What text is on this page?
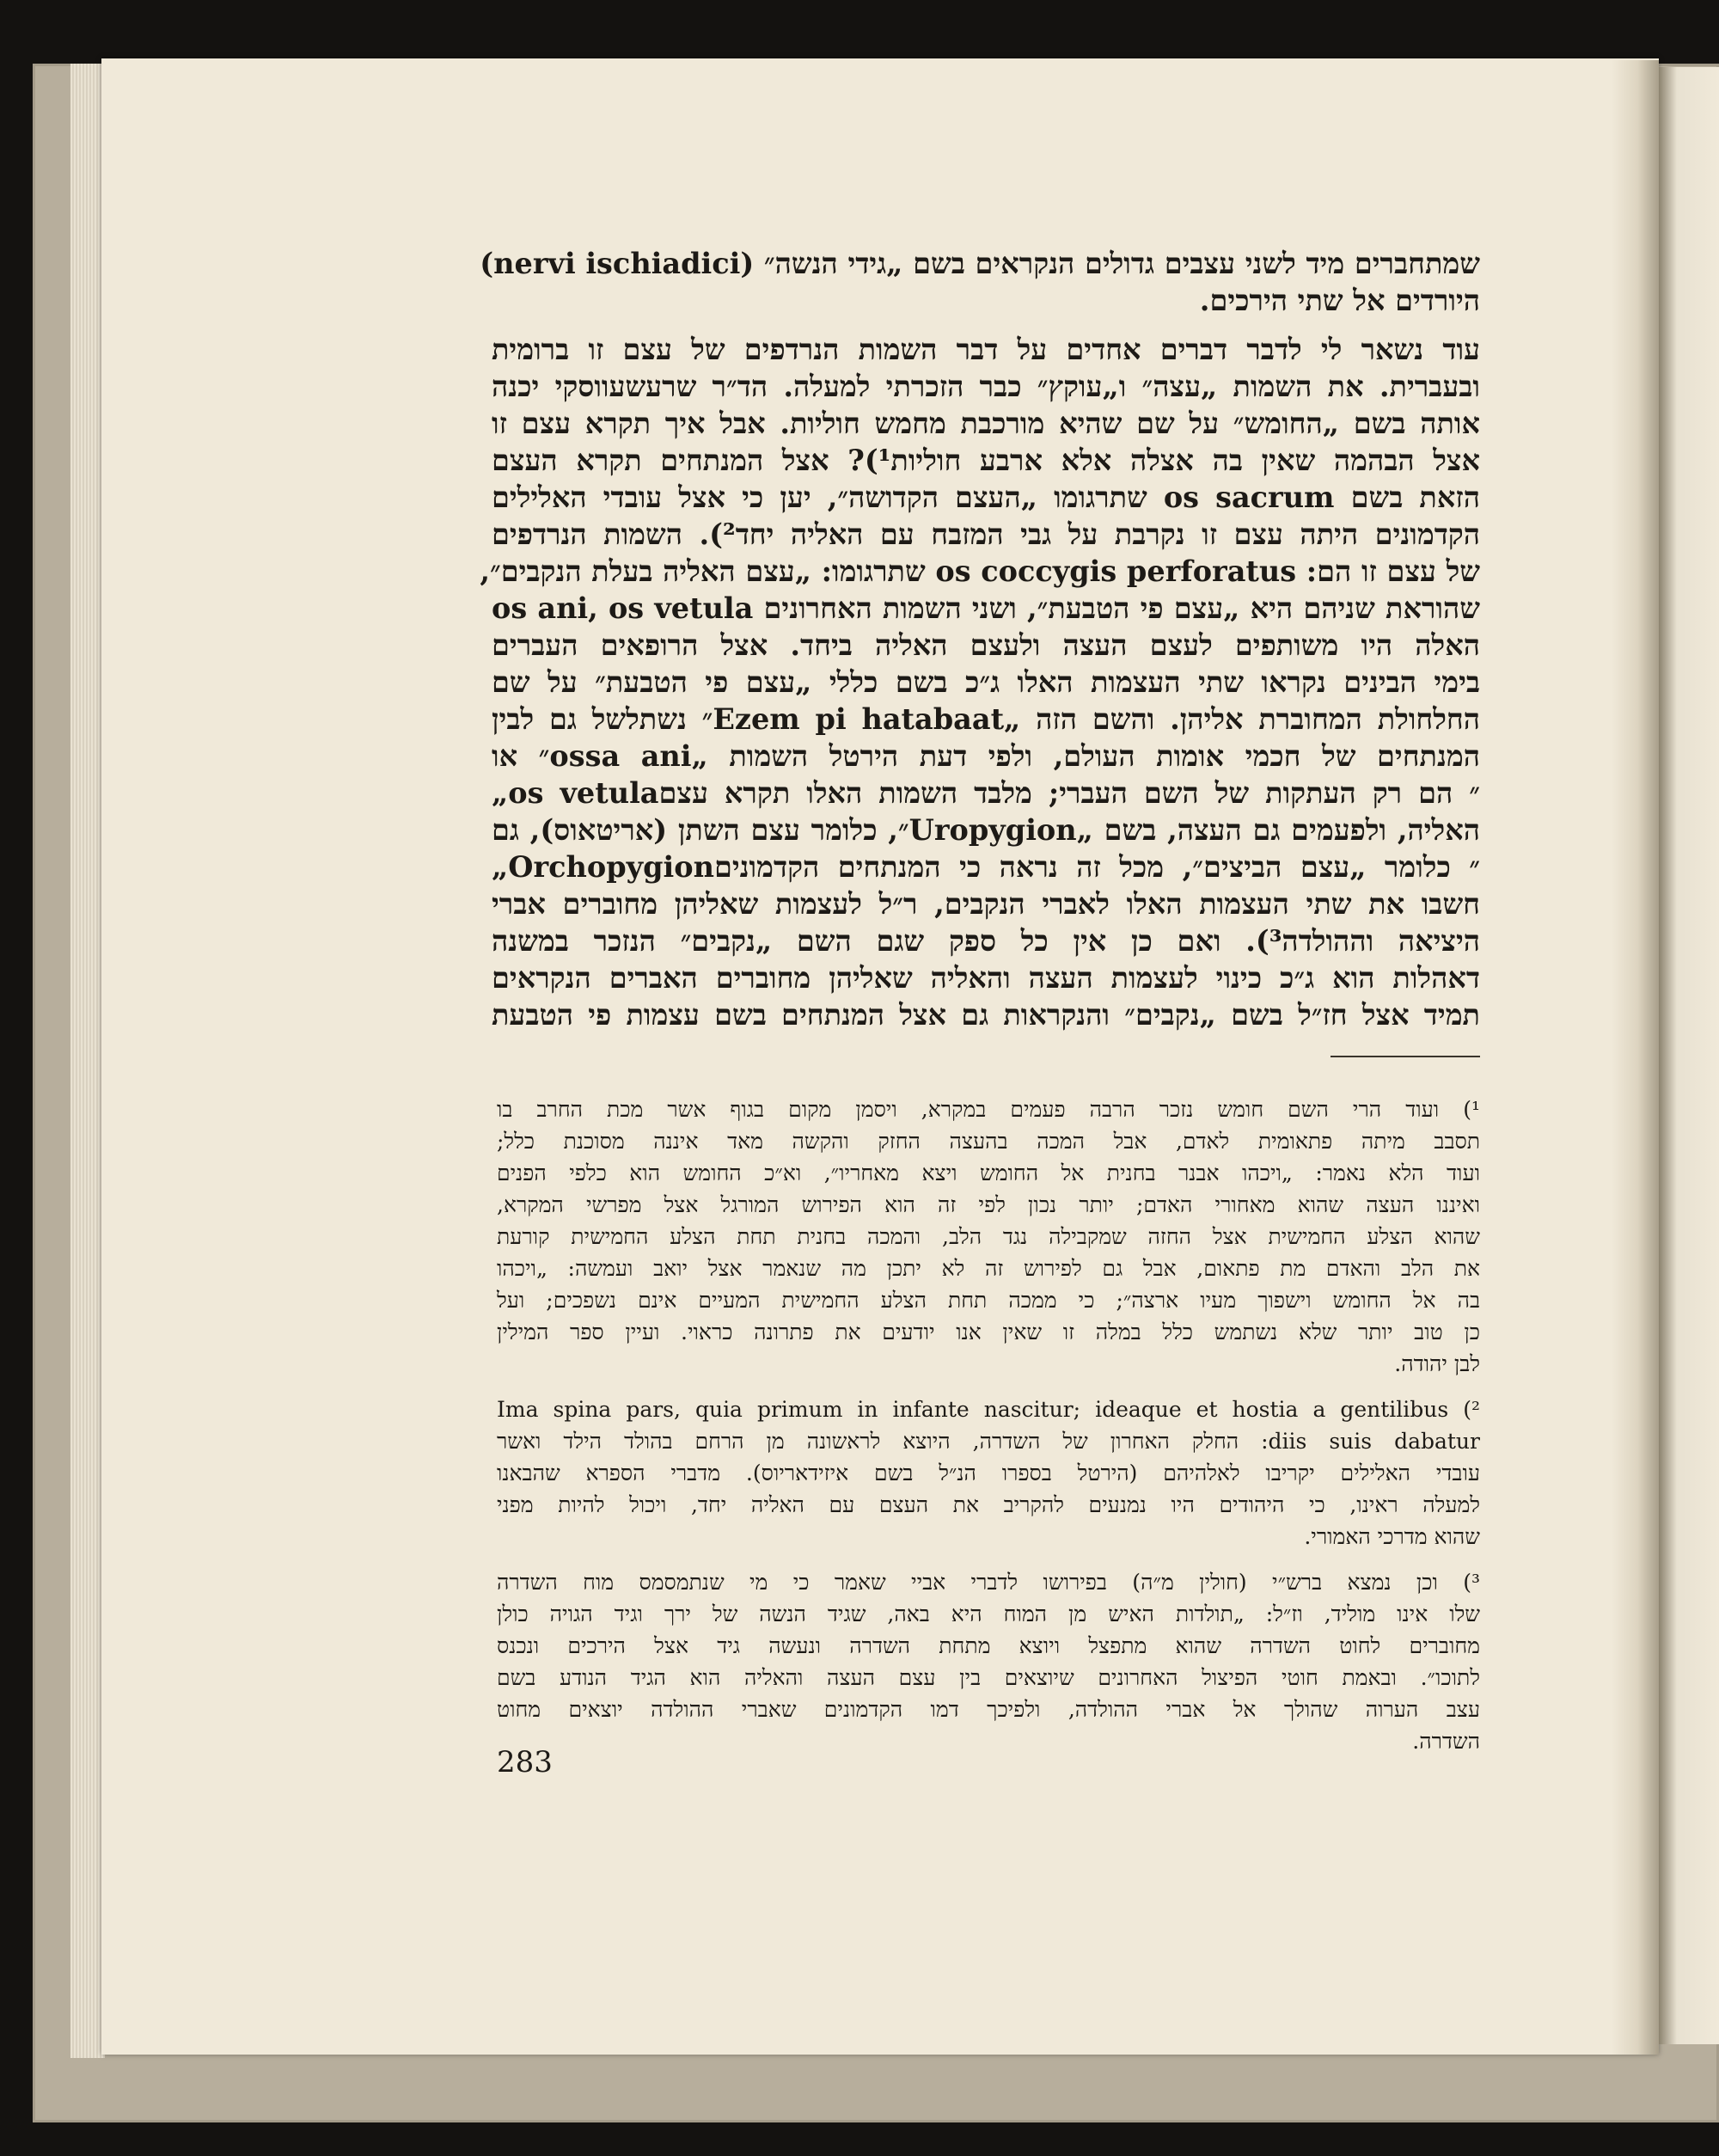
שמתחברים מיד לשני עצבים גדולים הנקראים בשם „גידי הנשה״ (nervi ischiadici)
היורדים אל שתי הירכים.
עוד נשאר לי לדבר דברים אחדים על דבר השמות הנרדפים של עצם זו ברומית
ובעברית. את השמות „עצה״ ו„עוקץ״ כבר הזכרתי למעלה. הד״ר שרעשעווסקי יכנה
אותה בשם „החומש״ על שם שהיא מורכבת מחמש חוליות. אבל איך תקרא עצם זו
אצל הבהמה שאין בה אצלה אלא ארבע חוליות¹)? אצל המנתחים תקרא העצם
הזאת בשם os sacrum שתרגומו „העצם הקדושה״, יען כי אצל עובדי האלילים
הקדמונים היתה עצם זו נקרבת על גבי המזבח עם האליה יחד²). השמות הנרדפים
של עצם זו הם: os coccygis perforatus שתרגומו: „עצם האליה בעלת הנקבים״,
os ani, os vetula שהוראת שניהם היא „עצם פי הטבעת״, ושני השמות האחרונים
האלה היו משותפים לעצם העצה ולעצם האליה ביחד. אצל הרופאים העברים
בימי הבינים נקראו שתי העצמות האלו ג״כ בשם כללי „עצם פי הטבעת״ על שם
החלחולת המחוברת אליהן. והשם הזה „Ezem pi hatabaat״ נשתלשל גם לבין
המנתחים של חכמי אומות העולם, ולפי דעת הירטל השמות „ossa ani״ או
„os vetula״ הם רק העתקות של השם העברי; מלבד השמות האלו תקרא עצם
האליה, ולפעמים גם העצה, בשם „Uropygion״, כלומר עצם השתן (אריטאוס), גם
„Orchopygion״ כלומר „עצם הביצים״, מכל זה נראה כי המנתחים הקדמונים
חשבו את שתי העצמות האלו לאברי הנקבים, ר״ל לעצמות שאליהן מחוברים אברי
היציאה וההולדה³). ואם כן אין כל ספק שגם השם „נקבים״ הנזכר במשנה
דאהלות הוא ג״כ כינוי לעצמות העצה והאליה שאליהן מחוברים האברים הנקראים
תמיד אצל חז״ל בשם „נקבים״ והנקראות גם אצל המנתחים בשם עצמות פי הטבעת
¹) ועוד הרי השם חומש נזכר הרבה פעמים במקרא, ויסמן מקום בגוף אשר מכת החרב בו
תסבב מיתה פתאומית לאדם, אבל המכה בהעצה החזק והקשה מאד איננה מסוכנת כלל;
ועוד הלא נאמר: „ויכהו אבנר בחנית אל החומש ויצא מאחריו״, וא״כ החומש הוא כלפי הפנים
ואיננו העצה שהוא מאחורי האדם; יותר נכון לפי זה הוא הפירוש המורגל אצל מפרשי המקרא,
שהוא הצלע החמישית אצל החזה שמקבילה נגד הלב, והמכה בחנית תחת הצלע החמישית קורעת
את הלב והאדם מת פתאום, אבל גם לפירוש זה לא יתכן מה שנאמר אצל יואב ועמשה: „ויכהו
בה אל החומש וישפוך מעיו ארצה״; כי ממכה תחת הצלע החמישית המעיים אינם נשפכים; ועל
כן טוב יותר שלא נשתמש כלל במלה זו שאין אנו יודעים את פתרונה כראוי. ועיין ספר המילין
לבן יהודה.
Ima spina pars, quia primum in infante nascitur; ideaque et hostia a gentilibus (²
diis suis dabatur: החלק האחרון של השדרה, היוצא לראשונה מן הרחם בהולד הילד ואשר
עובדי האלילים יקריבו לאלהיהם (הירטל בספרו הנ״ל בשם איזידאריוס). מדברי הספרא שהבאנו
למעלה ראינו, כי היהודים היו נמנעים להקריב את העצם עם האליה יחד, ויכול להיות מפני
שהוא מדרכי האמורי.
³) וכן נמצא ברש״י (חולין מ״ה) בפירושו לדברי אביי שאמר כי מי שנתמסמס מוח השדרה
שלו אינו מוליד, וז״ל: „תולדות האיש מן המוח היא באה, שגיד הנשה של ירך וגיד הגויה כולן
מחוברים לחוט השדרה שהוא מתפצל ויוצא מתחת השדרה ונעשה גיד אצל הירכים ונכנס
לתוכו״. ובאמת חוטי הפיצול האחרונים שיוצאים בין עצם העצה והאליה הוא הגיד הנודע בשם
עצב הערוה שהולך אל אברי ההולדה, ולפיכך דמו הקדמונים שאברי ההולדה יוצאים מחוט
השדרה.
283
